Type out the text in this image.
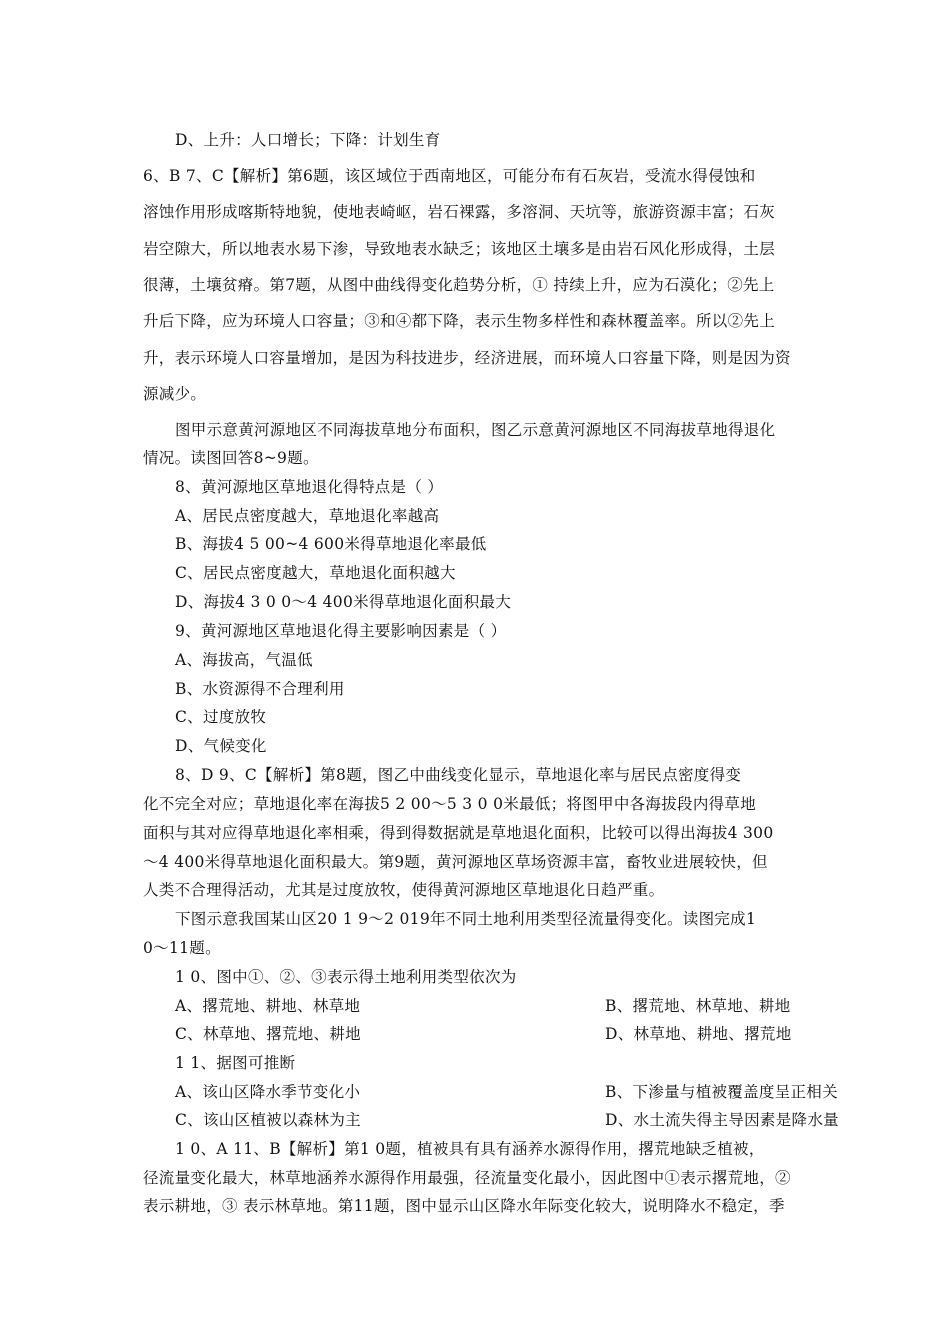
D、上升：人口增长；下降：计划生育
6、B 7、C【解析】第6题，该区域位于西南地区，可能分布有石灰岩，受流水得侵蚀和
溶蚀作用形成喀斯特地貌，使地表崎岖，岩石裸露，多溶洞、天坑等，旅游资源丰富；石灰
岩空隙大，所以地表水易下渗，导致地表水缺乏；该地区土壤多是由岩石风化形成得，土层
很薄，土壤贫瘠。第7题，从图中曲线得变化趋势分析，① 持续上升，应为石漠化；②先上
升后下降，应为环境人口容量；③和④都下降，表示生物多样性和森林覆盖率。所以②先上
升，表示环境人口容量增加，是因为科技进步，经济进展，而环境人口容量下降，则是因为资
源减少。
图甲示意黄河源地区不同海拔草地分布面积，图乙示意黄河源地区不同海拔草地得退化
情况。读图回答8~9题。
8、黄河源地区草地退化得特点是（ ）
A、居民点密度越大，草地退化率越高
B、海拔4 5 00~4 600米得草地退化率最低
C、居民点密度越大，草地退化面积越大
D、海拔4 3 0 0～4 400米得草地退化面积最大
9、黄河源地区草地退化得主要影响因素是（ ）
A、海拔高，气温低
B、水资源得不合理利用
C、过度放牧
D、气候变化
8、D 9、C【解析】第8题，图乙中曲线变化显示，草地退化率与居民点密度得变
化不完全对应；草地退化率在海拔5 2 00～5 3 0 0米最低；将图甲中各海拔段内得草地
面积与其对应得草地退化率相乘，得到得数据就是草地退化面积，比较可以得出海拔4 300
～4 400米得草地退化面积最大。第9题，黄河源地区草场资源丰富，畜牧业进展较快，但
人类不合理得活动，尤其是过度放牧，使得黄河源地区草地退化日趋严重。
下图示意我国某山区20 1 9～2 019年不同土地利用类型径流量得变化。读图完成1
0～11题。
1 0、图中①、②、③表示得土地利用类型依次为
A、撂荒地、耕地、林草地	B、撂荒地、林草地、耕地
C、林草地、撂荒地、耕地	D、林草地、耕地、撂荒地
1 1、据图可推断
A、该山区降水季节变化小	B、下渗量与植被覆盖度呈正相关
C、该山区植被以森林为主	D、水土流失得主导因素是降水量
1 0、A 11、B【解析】第1 0题，植被具有具有涵养水源得作用，撂荒地缺乏植被，
径流量变化最大，林草地涵养水源得作用最强，径流量变化最小，因此图中①表示撂荒地，②
表示耕地，③ 表示林草地。第11题，图中显示山区降水年际变化较大，说明降水不稳定，季
